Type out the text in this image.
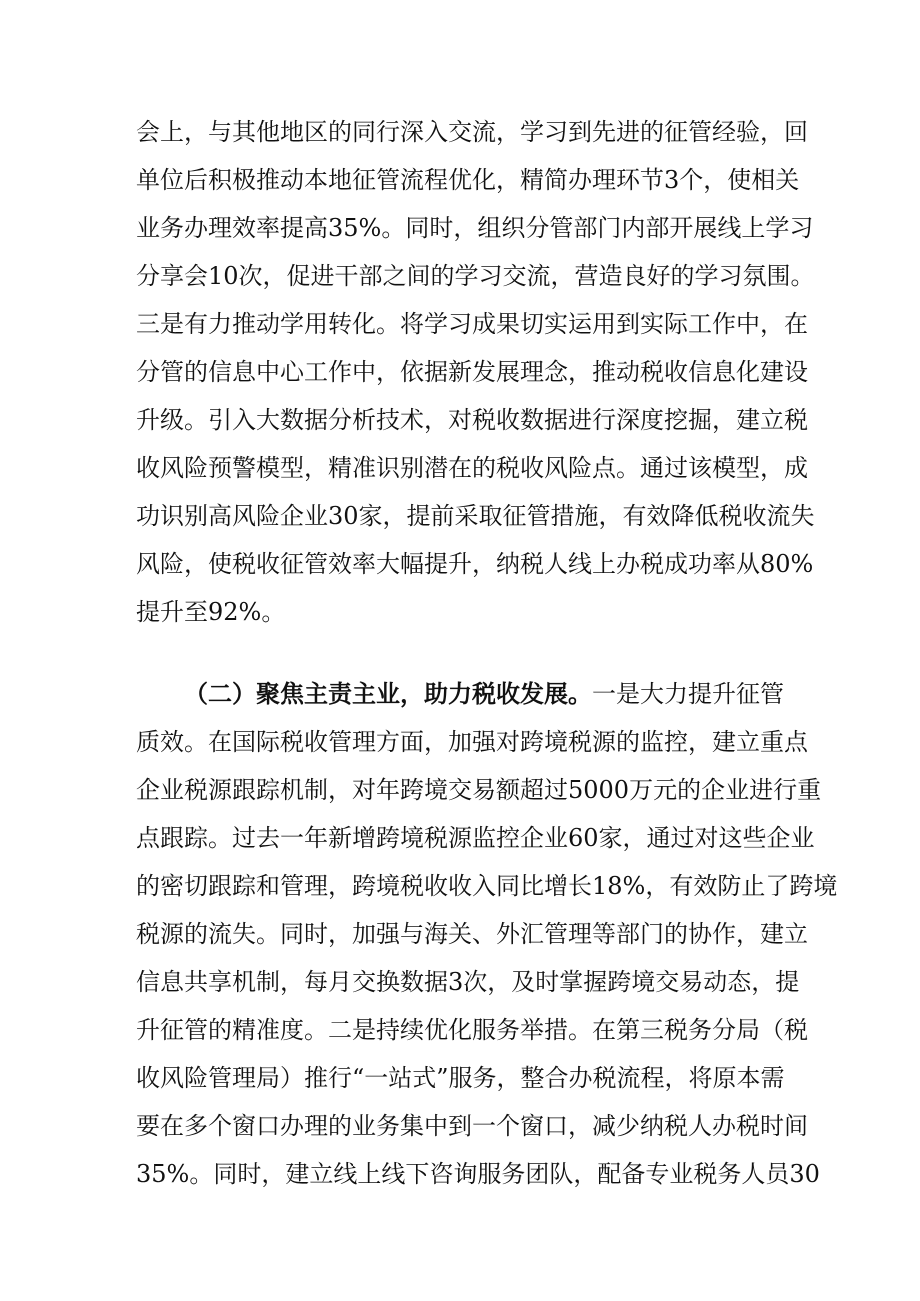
会上，与其他地区的同行深入交流，学习到先进的征管经验，回
单位后积极推动本地征管流程优化，精简办理环节3个，使相关
业务办理效率提高35%。同时，组织分管部门内部开展线上学习
分享会10次，促进干部之间的学习交流，营造良好的学习氛围。
三是有力推动学用转化。将学习成果切实运用到实际工作中，在
分管的信息中心工作中，依据新发展理念，推动税收信息化建设
升级。引入大数据分析技术，对税收数据进行深度挖掘，建立税
收风险预警模型，精准识别潜在的税收风险点。通过该模型，成
功识别高风险企业30家，提前采取征管措施，有效降低税收流失
风险，使税收征管效率大幅提升，纳税人线上办税成功率从80%
提升至92%。
（二）聚焦主责主业，助力税收发展。一是大力提升征管
质效。在国际税收管理方面，加强对跨境税源的监控，建立重点
企业税源跟踪机制，对年跨境交易额超过5000万元的企业进行重
点跟踪。过去一年新增跨境税源监控企业60家，通过对这些企业
的密切跟踪和管理，跨境税收收入同比增长18%，有效防止了跨境
税源的流失。同时，加强与海关、外汇管理等部门的协作，建立
信息共享机制，每月交换数据3次，及时掌握跨境交易动态，提
升征管的精准度。二是持续优化服务举措。在第三税务分局（税
收风险管理局）推行“一站式”服务，整合办税流程，将原本需
要在多个窗口办理的业务集中到一个窗口，减少纳税人办税时间
35%。同时，建立线上线下咨询服务团队，配备专业税务人员30
